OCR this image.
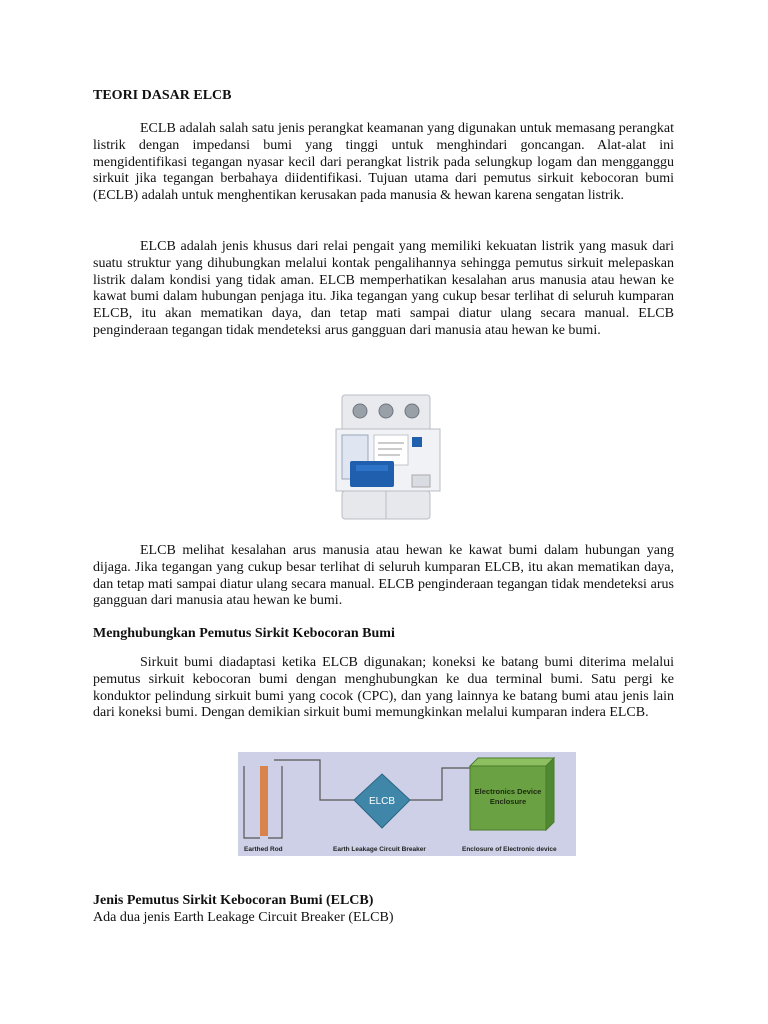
TEORI DASAR ELCB

ECLB adalah salah satu jenis perangkat keamanan yang digunakan untuk memasang perangkat listrik dengan impedansi bumi yang tinggi untuk menghindari goncangan. Alat-alat ini mengidentifikasi tegangan nyasar kecil dari perangkat listrik pada selungkup logam dan mengganggu sirkuit jika tegangan berbahaya diidentifikasi. Tujuan utama dari pemutus sirkuit kebocoran bumi (ECLB) adalah untuk menghentikan kerusakan pada manusia & hewan karena sengatan listrik.

ELCB adalah jenis khusus dari relai pengait yang memiliki kekuatan listrik yang masuk dari suatu struktur yang dihubungkan melalui kontak pengalihannya sehingga pemutus sirkuit melepaskan listrik dalam kondisi yang tidak aman. ELCB memperhatikan kesalahan arus manusia atau hewan ke kawat bumi dalam hubungan penjaga itu. Jika tegangan yang cukup besar terlihat di seluruh kumparan ELCB, itu akan mematikan daya, dan tetap mati sampai diatur ulang secara manual. ELCB penginderaan tegangan tidak mendeteksi arus gangguan dari manusia atau hewan ke bumi.

ELCB melihat kesalahan arus manusia atau hewan ke kawat bumi dalam hubungan yang dijaga. Jika tegangan yang cukup besar terlihat di seluruh kumparan ELCB, itu akan mematikan daya, dan tetap mati sampai diatur ulang secara manual. ELCB penginderaan tegangan tidak mendeteksi arus gangguan dari manusia atau hewan ke bumi.

Menghubungkan Pemutus Sirkit Kebocoran Bumi

Sirkuit bumi diadaptasi ketika ELCB digunakan; koneksi ke batang bumi diterima melalui pemutus sirkuit kebocoran bumi dengan menghubungkan ke dua terminal bumi. Satu pergi ke konduktor pelindung sirkuit bumi yang cocok (CPC), dan yang lainnya ke batang bumi atau jenis lain dari koneksi bumi. Dengan demikian sirkuit bumi memungkinkan melalui kumparan indera ELCB.

ELCB
Electronics Device
Enclosure
Earthed Rod	Earth Leakage Circuit Breaker	Enclosure of Electronic device

Jenis Pemutus Sirkit Kebocoran Bumi (ELCB)

Ada dua jenis Earth Leakage Circuit Breaker (ELCB)
